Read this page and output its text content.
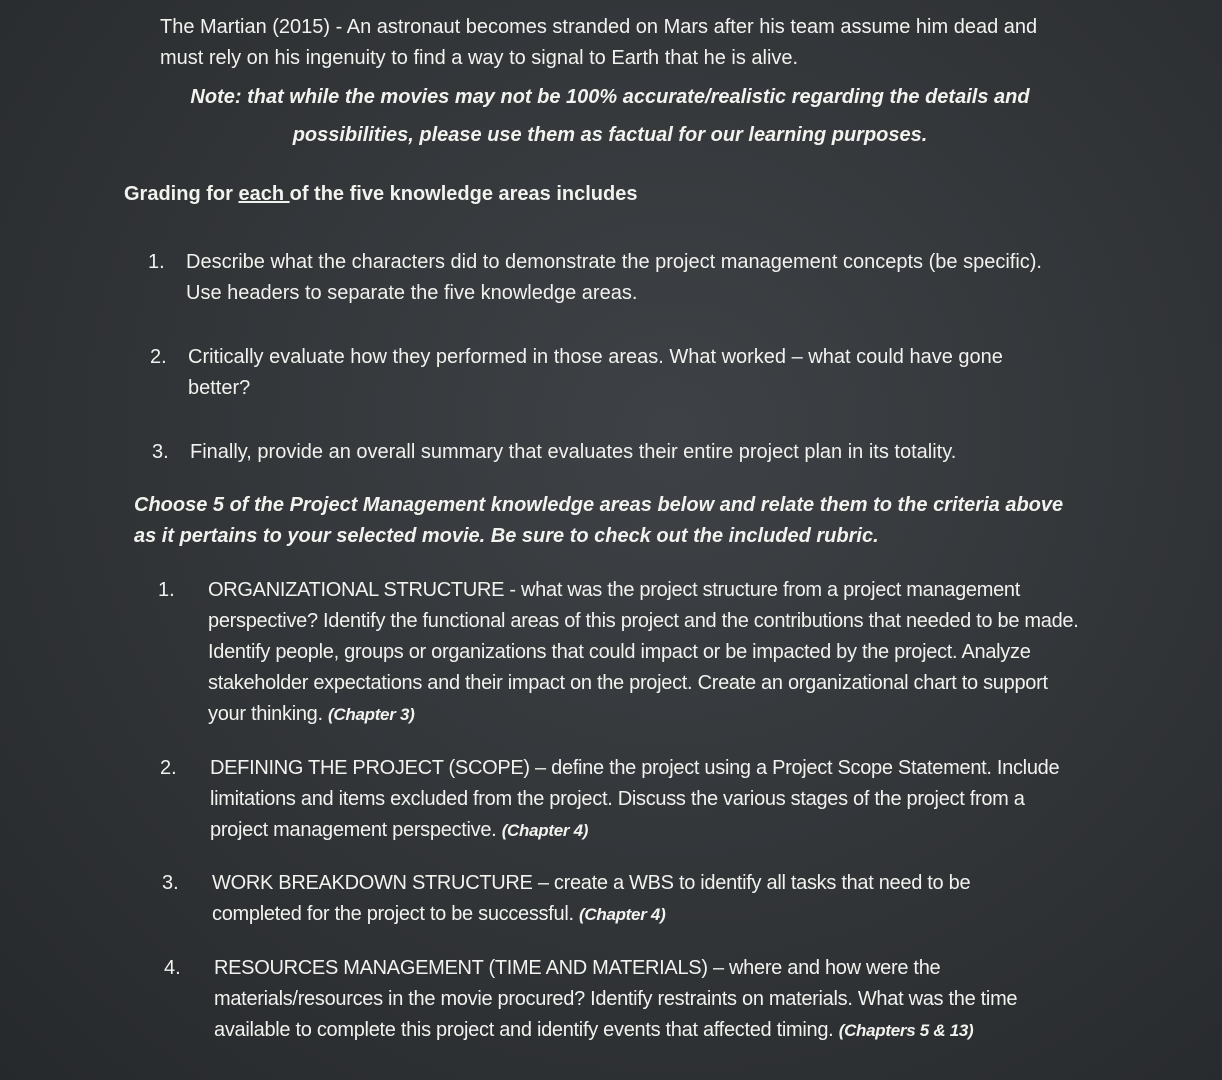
The Martian (2015) - An astronaut becomes stranded on Mars after his team assume him dead and must rely on his ingenuity to find a way to signal to Earth that he is alive.

Note: that while the movies may not be 100% accurate/realistic regarding the details and possibilities, please use them as factual for our learning purposes.

Grading for each of the five knowledge areas includes

1.	Describe what the characters did to demonstrate the project management concepts (be specific). Use headers to separate the five knowledge areas.
2.	Critically evaluate how they performed in those areas. What worked – what could have gone better?
3.	Finally, provide an overall summary that evaluates their entire project plan in its totality.

Choose 5 of the Project Management knowledge areas below and relate them to the criteria above as it pertains to your selected movie. Be sure to check out the included rubric.

1.	ORGANIZATIONAL STRUCTURE - what was the project structure from a project management perspective? Identify the functional areas of this project and the contributions that needed to be made. Identify people, groups or organizations that could impact or be impacted by the project. Analyze stakeholder expectations and their impact on the project. Create an organizational chart to support your thinking. (Chapter 3)
2.	DEFINING THE PROJECT (SCOPE) – define the project using a Project Scope Statement. Include limitations and items excluded from the project. Discuss the various stages of the project from a project management perspective. (Chapter 4)
3.	WORK BREAKDOWN STRUCTURE – create a WBS to identify all tasks that need to be completed for the project to be successful. (Chapter 4)
4.	RESOURCES MANAGEMENT (TIME AND MATERIALS) – where and how were the materials/resources in the movie procured? Identify restraints on materials. What was the time available to complete this project and identify events that affected timing. (Chapters 5 & 13)
